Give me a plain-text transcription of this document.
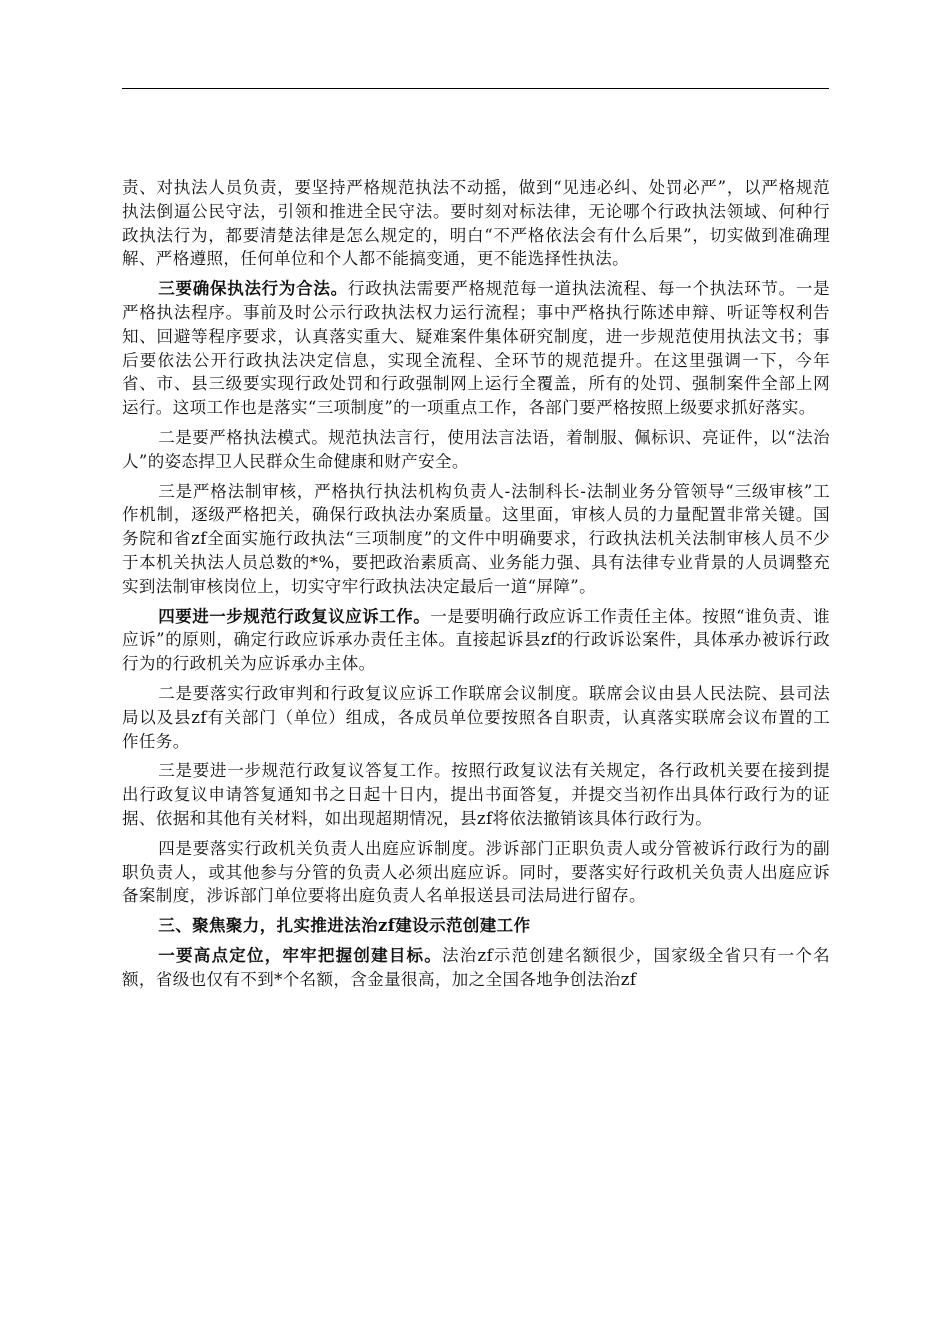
责、对执法人员负责，要坚持严格规范执法不动摇，做到“见违必纠、处罚必严”，以严格规范执法倒逼公民守法，引领和推进全民守法。要时刻对标法律，无论哪个行政执法领域、何种行政执法行为，都要清楚法律是怎么规定的，明白“不严格依法会有什么后果”，切实做到准确理解、严格遵照，任何单位和个人都不能搞变通，更不能选择性执法。

三要确保执法行为合法。行政执法需要严格规范每一道执法流程、每一个执法环节。一是严格执法程序。事前及时公示行政执法权力运行流程；事中严格执行陈述申辩、听证等权利告知、回避等程序要求，认真落实重大、疑难案件集体研究制度，进一步规范使用执法文书；事后要依法公开行政执法决定信息，实现全流程、全环节的规范提升。在这里强调一下，今年省、市、县三级要实现行政处罚和行政强制网上运行全覆盖，所有的处罚、强制案件全部上网运行。这项工作也是落实“三项制度”的一项重点工作，各部门要严格按照上级要求抓好落实。

二是要严格执法模式。规范执法言行，使用法言法语，着制服、佩标识、亮证件，以“法治人”的姿态捍卫人民群众生命健康和财产安全。

三是严格法制审核，严格执行执法机构负责人-法制科长-法制业务分管领导“三级审核”工作机制，逐级严格把关，确保行政执法办案质量。这里面，审核人员的力量配置非常关键。国务院和省zf全面实施行政执法“三项制度”的文件中明确要求，行政执法机关法制审核人员不少于本机关执法人员总数的*%，要把政治素质高、业务能力强、具有法律专业背景的人员调整充实到法制审核岗位上，切实守牢行政执法决定最后一道“屏障”。

四要进一步规范行政复议应诉工作。一是要明确行政应诉工作责任主体。按照“谁负责、谁应诉”的原则，确定行政应诉承办责任主体。直接起诉县zf的行政诉讼案件，具体承办被诉行政行为的行政机关为应诉承办主体。

二是要落实行政审判和行政复议应诉工作联席会议制度。联席会议由县人民法院、县司法局以及县zf有关部门（单位）组成，各成员单位要按照各自职责，认真落实联席会议布置的工作任务。

三是要进一步规范行政复议答复工作。按照行政复议法有关规定，各行政机关要在接到提出行政复议申请答复通知书之日起十日内，提出书面答复，并提交当初作出具体行政行为的证据、依据和其他有关材料，如出现超期情况，县zf将依法撤销该具体行政行为。

四是要落实行政机关负责人出庭应诉制度。涉诉部门正职负责人或分管被诉行政行为的副职负责人，或其他参与分管的负责人必须出庭应诉。同时，要落实好行政机关负责人出庭应诉备案制度，涉诉部门单位要将出庭负责人名单报送县司法局进行留存。

三、聚焦聚力，扎实推进法治zf建设示范创建工作

一要高点定位，牢牢把握创建目标。法治zf示范创建名额很少，国家级全省只有一个名额，省级也仅有不到*个名额，含金量很高，加之全国各地争创法治zf
